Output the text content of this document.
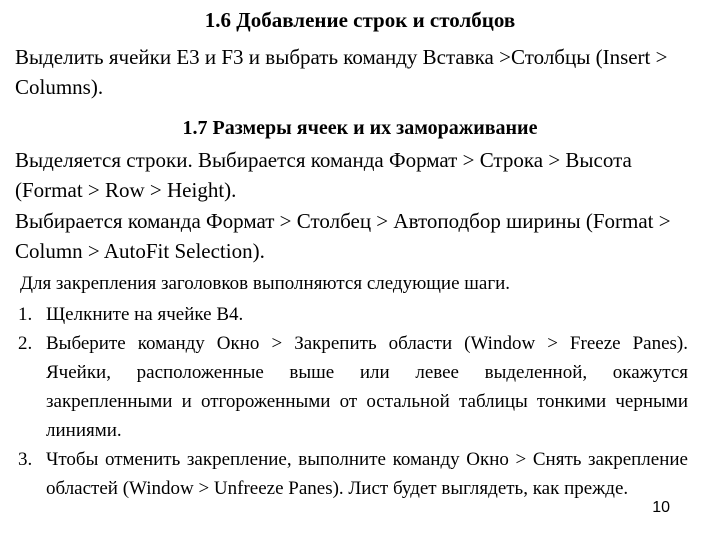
1.6 Добавление строк и столбцов

Выделить ячейки E3 и F3 и выбрать команду Вставка >Столбцы (Insert > Columns).

1.7 Размеры ячеек и их замораживание

Выделяется строки. Выбирается команда Формат > Строка > Высота (Format > Row > Height).

Выбирается команда Формат > Столбец > Автоподбор ширины (Format > Column > AutoFit Selection).

Для закрепления заголовков выполняются следующие шаги.

1. Щелкните на ячейке B4.
2. Выберите команду Окно > Закрепить области (Window > Freeze Panes). Ячейки, расположенные выше или левее выделенной, окажутся закрепленными и отгороженными от остальной таблицы тонкими черными линиями.
3. Чтобы отменить закрепление, выполните команду Окно > Снять закрепление областей (Window > Unfreeze Panes). Лист будет выглядеть, как прежде.
10
